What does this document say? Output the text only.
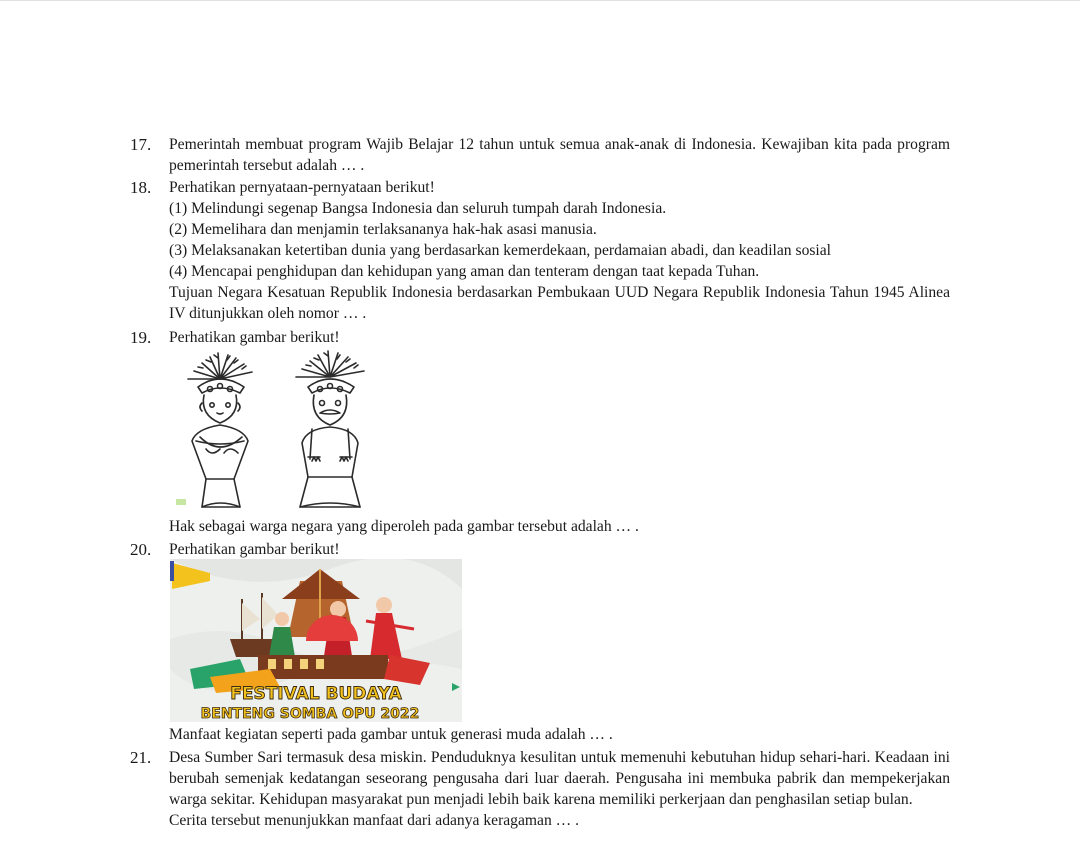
17. Pemerintah membuat program Wajib Belajar 12 tahun untuk semua anak-anak di Indonesia. Kewajiban kita pada program pemerintah tersebut adalah … .
18. Perhatikan pernyataan-pernyataan berikut!
(1) Melindungi segenap Bangsa Indonesia dan seluruh tumpah darah Indonesia.
(2) Memelihara dan menjamin terlaksananya hak-hak asasi manusia.
(3) Melaksanakan ketertiban dunia yang berdasarkan kemerdekaan, perdamaian abadi, dan keadilan sosial
(4) Mencapai penghidupan dan kehidupan yang aman dan tenteram dengan taat kepada Tuhan.
Tujuan Negara Kesatuan Republik Indonesia berdasarkan Pembukaan UUD Negara Republik Indonesia Tahun 1945 Alinea IV ditunjukkan oleh nomor … .
19. Perhatikan gambar berikut!
Hak sebagai warga negara yang diperoleh pada gambar tersebut adalah … .
20. Perhatikan gambar berikut!
FESTIVAL BUDAYA
BENTENG SOMBA OPU 2022
Manfaat kegiatan seperti pada gambar untuk generasi muda adalah … .
21. Desa Sumber Sari termasuk desa miskin. Penduduknya kesulitan untuk memenuhi kebutuhan hidup sehari-hari. Keadaan ini berubah semenjak kedatangan seseorang pengusaha dari luar daerah. Pengusaha ini membuka pabrik dan mempekerjakan warga sekitar. Kehidupan masyarakat pun menjadi lebih baik karena memiliki perkerjaan dan penghasilan setiap bulan.
Cerita tersebut menunjukkan manfaat dari adanya keragaman … .
